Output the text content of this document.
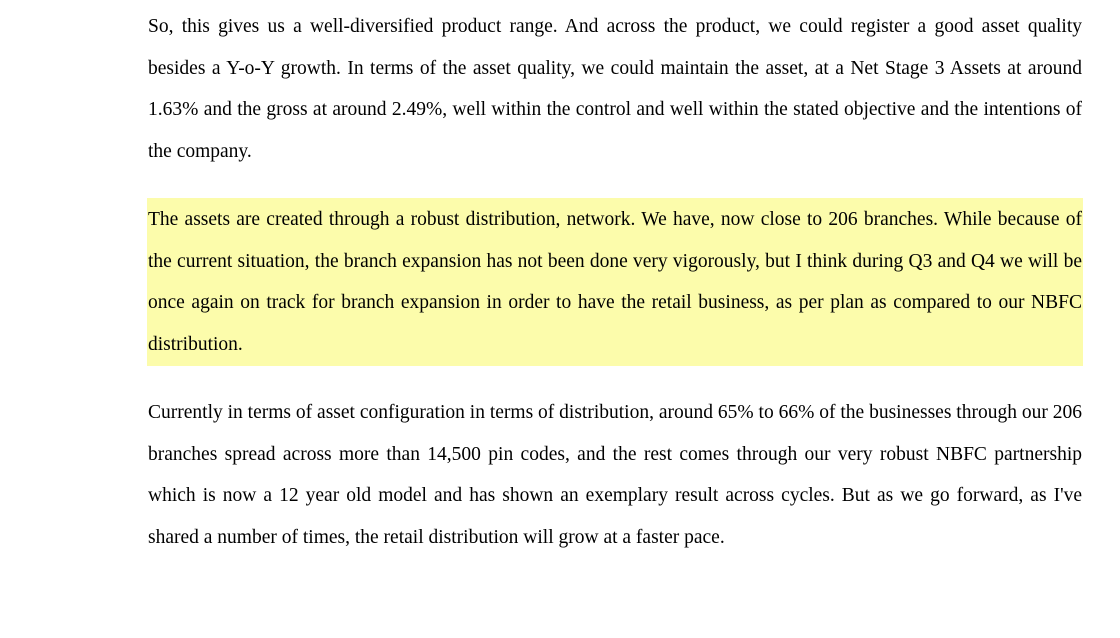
So, this gives us a well-diversified product range. And across the product, we could register a good asset quality besides a Y-o-Y growth. In terms of the asset quality, we could maintain the asset, at a Net Stage 3 Assets at around 1.63% and the gross at around 2.49%, well within the control and well within the stated objective and the intentions of the company.

The assets are created through a robust distribution, network. We have, now close to 206 branches. While because of the current situation, the branch expansion has not been done very vigorously, but I think during Q3 and Q4 we will be once again on track for branch expansion in order to have the retail business, as per plan as compared to our NBFC distribution.

Currently in terms of asset configuration in terms of distribution, around 65% to 66% of the businesses through our 206 branches spread across more than 14,500 pin codes, and the rest comes through our very robust NBFC partnership which is now a 12 year old model and has shown an exemplary result across cycles. But as we go forward, as I've shared a number of times, the retail distribution will grow at a faster pace.
